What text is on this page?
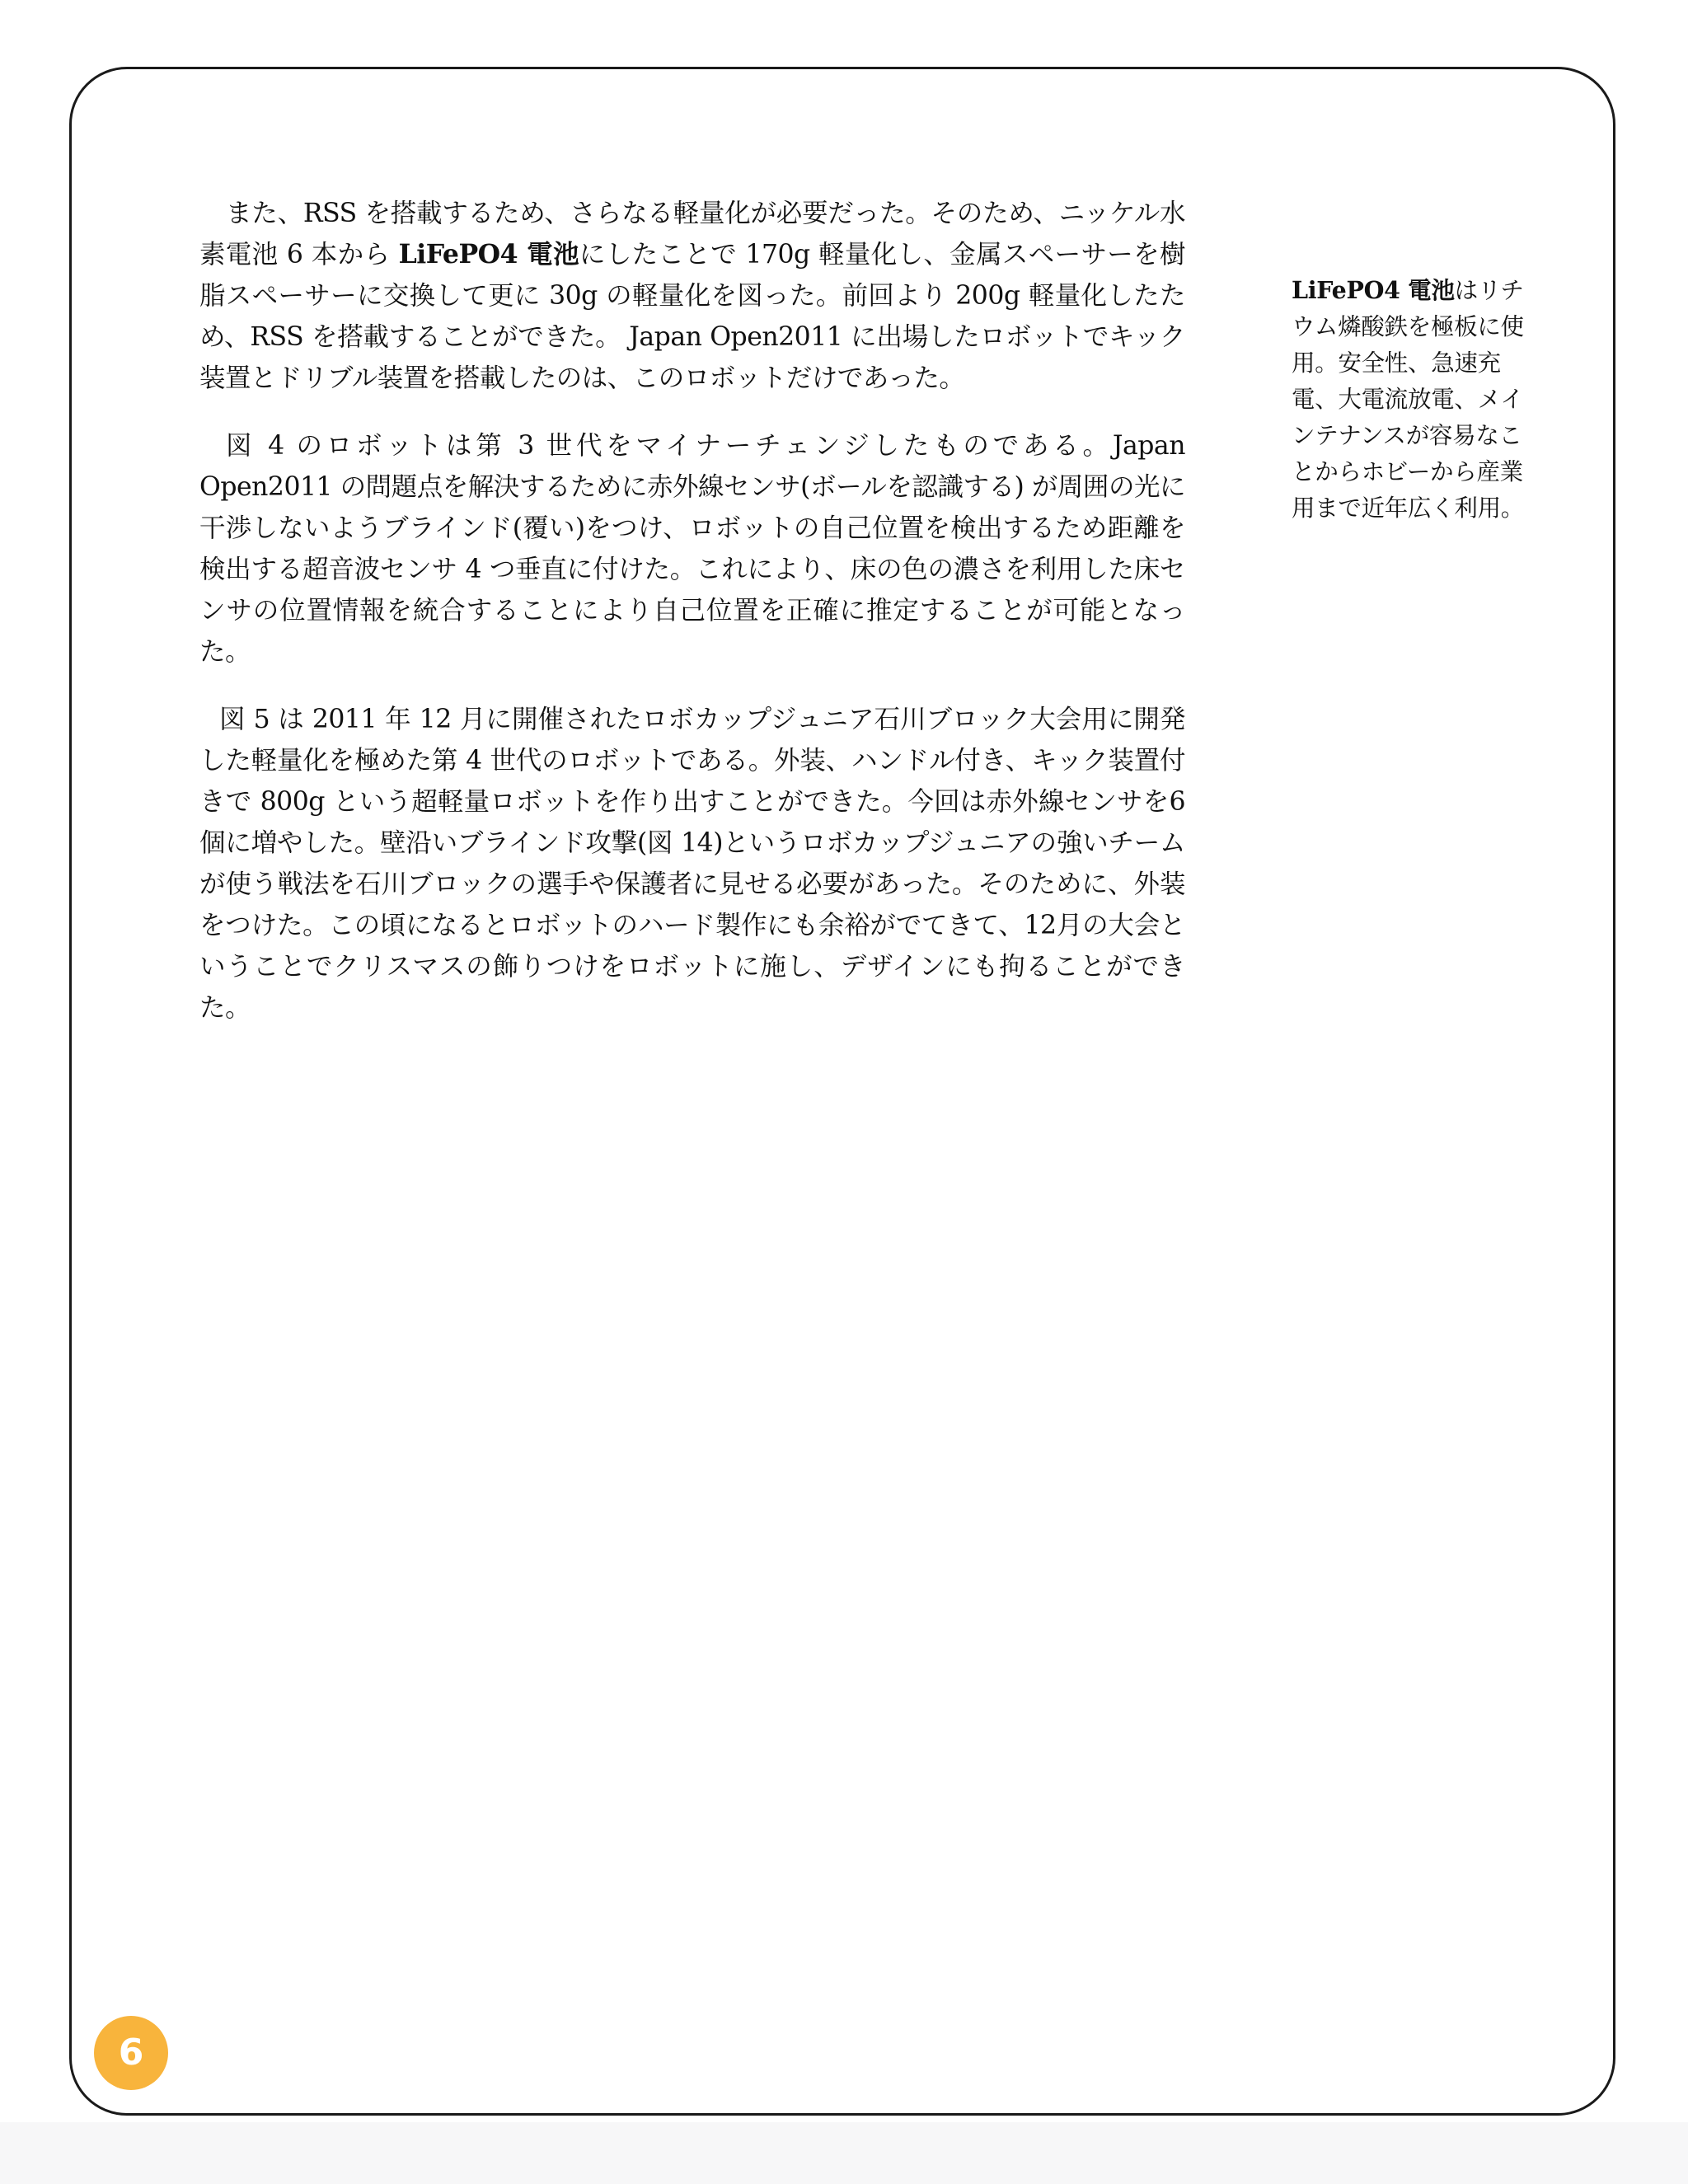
また、RSS を搭載するため、さらなる軽量化が必要だった。そのため、ニッケル水素電池 6 本から LiFePO4 電池にしたことで 170g 軽量化し、金属スペーサーを樹脂スペーサーに交換して更に 30g の軽量化を図った。前回より 200g 軽量化したため、RSS を搭載することができた。 Japan Open2011 に出場したロボットでキック装置とドリブル装置を搭載したのは、このロボットだけであった。

図 4 のロボットは第 3 世代をマイナーチェンジしたものである。Japan Open2011 の問題点を解決するために赤外線センサ(ボールを認識する) が周囲の光に干渉しないようブラインド(覆い)をつけ、ロボットの自己位置を検出するため距離を検出する超音波センサ 4 つ垂直に付けた。これにより、床の色の濃さを利用した床センサの位置情報を統合することにより自己位置を正確に推定することが可能となった。

図 5 は 2011 年 12 月に開催されたロボカップジュニア石川ブロック大会用に開発した軽量化を極めた第 4 世代のロボットである。外装、ハンドル付き、キック装置付きで 800g という超軽量ロボットを作り出すことができた。今回は赤外線センサを6個に増やした。壁沿いブラインド攻撃(図 14)というロボカップジュニアの強いチームが使う戦法を石川ブロックの選手や保護者に見せる必要があった。そのために、外装をつけた。この頃になるとロボットのハード製作にも余裕がでてきて、12月の大会ということでクリスマスの飾りつけをロボットに施し、デザインにも拘ることができた。

LiFePO4 電池はリチウム燐酸鉄を極板に使用。安全性、急速充電、大電流放電、メインテナンスが容易なことからホビーから産業用まで近年広く利用。

6
